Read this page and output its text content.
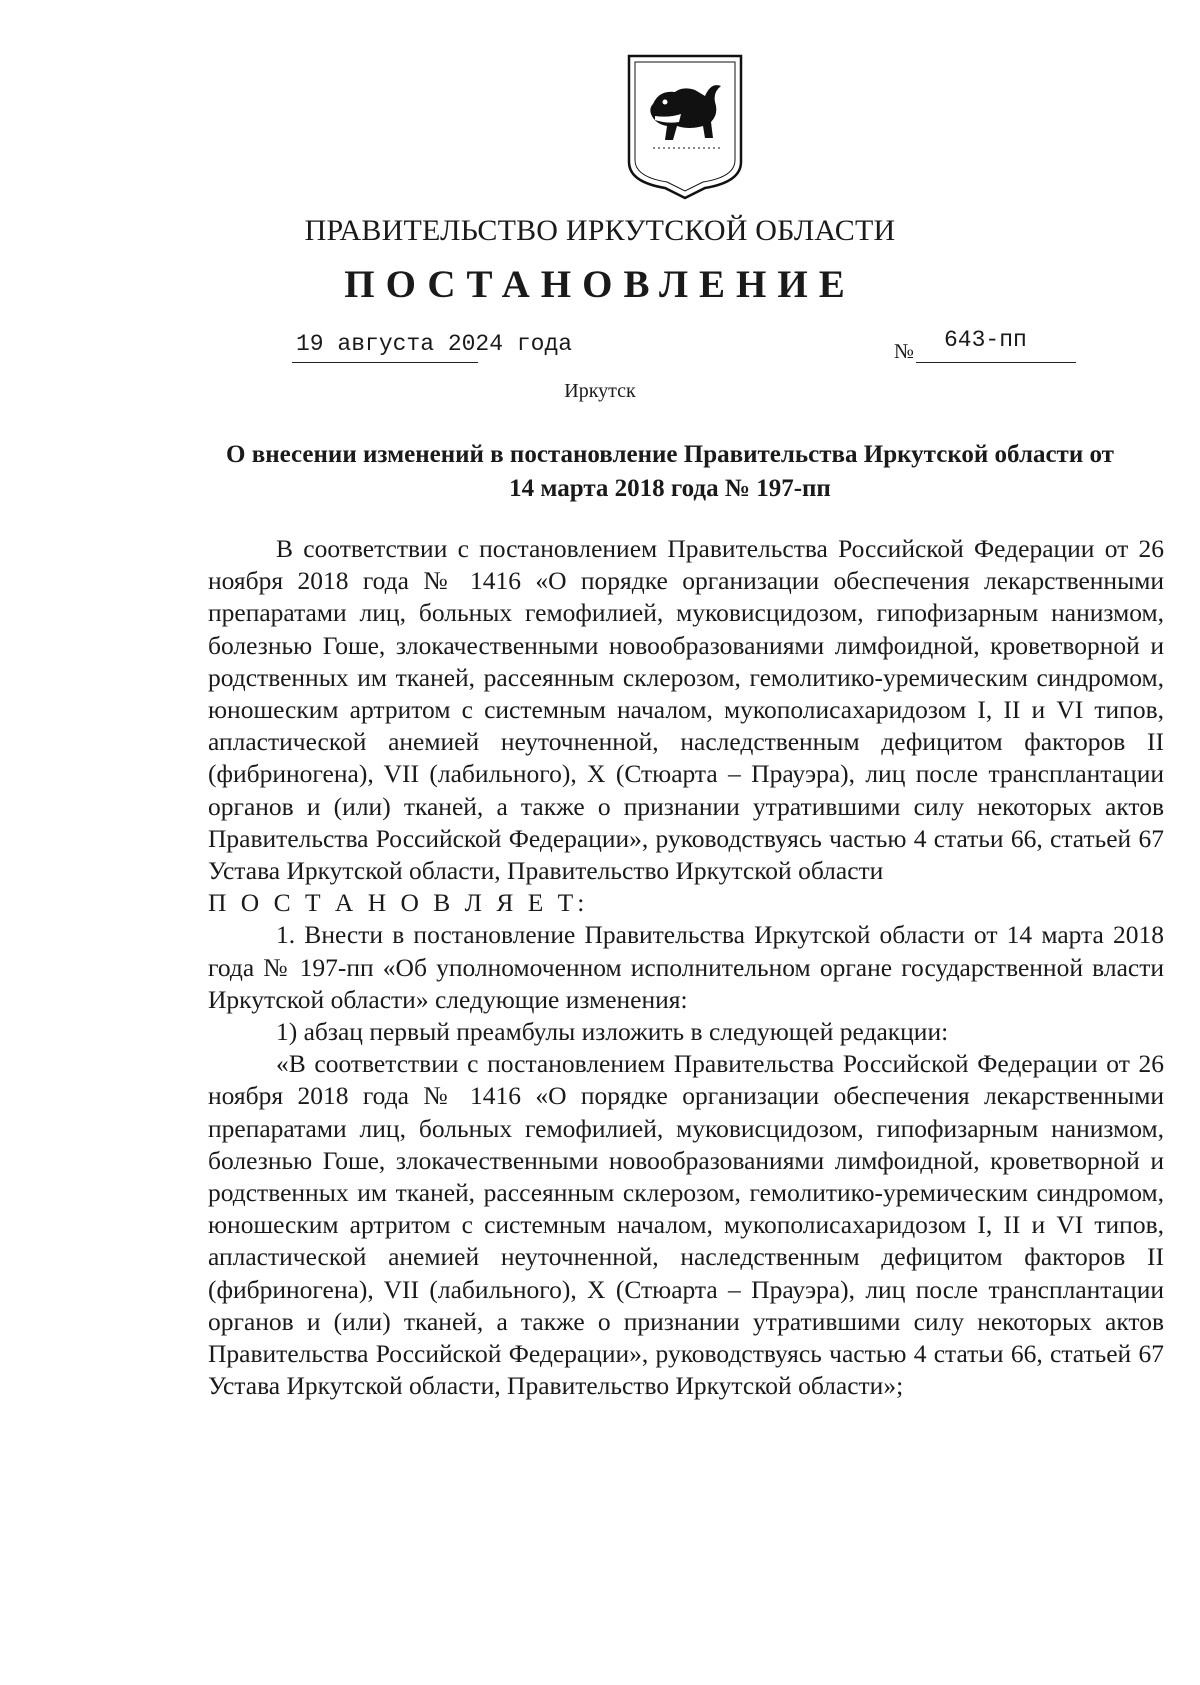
ПРАВИТЕЛЬСТВО ИРКУТСКОЙ ОБЛАСТИ
ПОСТАНОВЛЕНИЕ
19 августа 2024 года	№ 643-пп
Иркутск
О внесении изменений в постановление Правительства Иркутской области от 14 марта 2018 года № 197-пп

В соответствии с постановлением Правительства Российской Федерации от 26 ноября 2018 года № 1416 «О порядке организации обеспечения лекарственными препаратами лиц, больных гемофилией, муковисцидозом, гипофизарным нанизмом, болезнью Гоше, злокачественными новообразованиями лимфоидной, кроветворной и родственных им тканей, рассеянным склерозом, гемолитико-уремическим синдромом, юношеским артритом с системным началом, мукополисахаридозом I, II и VI типов, апластической анемией неуточненной, наследственным дефицитом факторов II (фибриногена), VII (лабильного), X (Стюарта – Прауэра), лиц после трансплантации органов и (или) тканей, а также о признании утратившими силу некоторых актов Правительства Российской Федерации», руководствуясь частью 4 статьи 66, статьей 67 Устава Иркутской области, Правительство Иркутской области

П О С Т А Н О В Л Я Е Т:

1. Внести в постановление Правительства Иркутской области от 14 марта 2018 года № 197-пп «Об уполномоченном исполнительном органе государственной власти Иркутской области» следующие изменения:

1) абзац первый преамбулы изложить в следующей редакции:

«В соответствии с постановлением Правительства Российской Федерации от 26 ноября 2018 года № 1416 «О порядке организации обеспечения лекарственными препаратами лиц, больных гемофилией, муковисцидозом, гипофизарным нанизмом, болезнью Гоше, злокачественными новообразованиями лимфоидной, кроветворной и родственных им тканей, рассеянным склерозом, гемолитико-уремическим синдромом, юношеским артритом с системным началом, мукополисахаридозом I, II и VI типов, апластической анемией неуточненной, наследственным дефицитом факторов II (фибриногена), VII (лабильного), X (Стюарта – Прауэра), лиц после трансплантации органов и (или) тканей, а также о признании утратившими силу некоторых актов Правительства Российской Федерации», руководствуясь частью 4 статьи 66, статьей 67 Устава Иркутской области, Правительство Иркутской области»;
